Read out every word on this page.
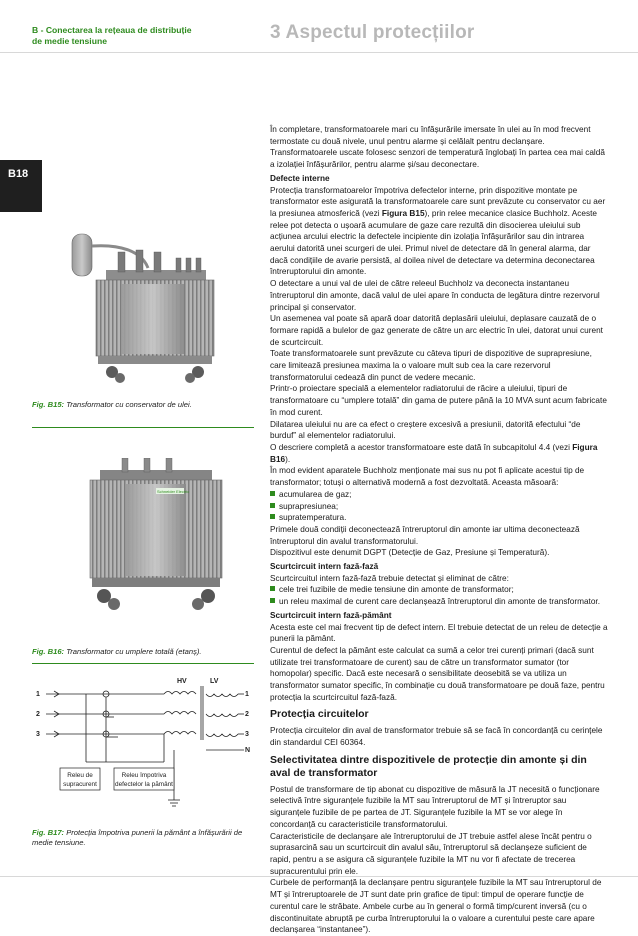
B - Conectarea la rețeaua de distribuție
de medie tensiune	3 Aspectul protecțiilor
B18
Fig. B15: Transformator cu conservator de ulei.
Schneider Electric
Fig. B16: Transformator cu umplere totală (etanș).
HV	LV
1
2
3
1
2
3
N
Releu de
supracurent
Releu împotriva
defectelor la pământ
Fig. B17: Protecția împotriva punerii la pământ a înfășurării de medie tensiune.

În completare, transformatoarele mari cu înfășurările imersate în ulei au în mod frecvent termostate cu două nivele, unul pentru alarme și celălalt pentru declanșare. Transformatoarele uscate folosesc senzori de temperatură înglobați în partea cea mai caldă a izolației înfășurărilor, pentru alarme și/sau deconectare.

Defecte interne

Protecția transformatoarelor împotriva defectelor interne, prin dispozitive montate pe transformator este asigurată la transformatoarele care sunt prevăzute cu conservator cu aer la presiunea atmosferică (vezi Figura B15), prin relee mecanice clasice Buchholz. Aceste relee pot detecta o ușoară acumulare de gaze care rezultă din disocierea uleiului sub acțiunea arcului electric la defectele incipiente din izolația înfășurărilor sau din intrarea aerului datorită unei scurgeri de ulei. Primul nivel de detectare dă în general alarma, dar dacă condițiile de avarie persistă, al doilea nivel de detectare va determina deconectarea întreruptorului din amonte.

O detectare a unui val de ulei de către releeul Buchholz va deconecta instantaneu întreruptorul din amonte, dacă valul de ulei apare în conducta de legătura dintre rezervorul principal și conservator.

Un asemenea val poate să apară doar datorită deplasării uleiului, deplasare cauzată de o formare rapidă a bulelor de gaz generate de către un arc electric în ulei, datorat unui curent de scurtcircuit.

Toate transformatoarele sunt prevăzute cu câteva tipuri de dispozitive de suprapresiune, care limitează presiunea maxima la o valoare mult sub cea la care rezervorul transformatorului cedează din punct de vedere mecanic.

Printr-o proiectare specială a elementelor radiatorului de răcire a uleiului, tipuri de transformatoare cu “umplere totală” din gama de putere până la 10 MVA sunt acum fabricate în mod curent.

Dilatarea uleiului nu are ca efect o creștere excesivă a presiunii, datorită efectului “de burduf” al elementelor radiatorului.

O descriere completă a acestor transformatoare este dată în subcapitolul 4.4 (vezi Figura B16).

În mod evident aparatele Buchholz menționate mai sus nu pot fi aplicate acestui tip de transformator; totuși o alternativă modernă a fost dezvoltată. Aceasta măsoară:

acumularea de gaz;

suprapresiunea;

supratemperatura.

Primele două condiții deconectează întreruptorul din amonte iar ultima deconectează întreruptorul din avalul transformatorului.

Dispozitivul este denumit DGPT (Detecție de Gaz, Presiune și Temperatură).

Scurtcircuit intern fază-fază

Scurtcircuitul intern fază-fază trebuie detectat și eliminat de către:

cele trei fuzibile de medie tensiune din amonte de transformator;

un releu maximal de curent care declanșează întreruptorul din amonte de transformator.

Scurtcircuit intern fază-pământ

Acesta este cel mai frecvent tip de defect intern. El trebuie detectat de un releu de detecție a punerii la pământ.

Curentul de defect la pământ este calculat ca sumă a celor trei curenți primari (dacă sunt utilizate trei transformatoare de curent) sau de către un transformator sumator (tor homopolar) specific. Dacă este necesară o sensibilitate deosebită se va utiliza un transformator sumator specific, în combinație cu două transformatoare pe două faze, pentru protecția la scurtcircuitul fază-fază.

Protecția circuitelor

Protecția circuitelor din aval de transformator trebuie să se facă în concordanță cu cerințele din standardul CEI 60364.

Selectivitatea dintre dispozitivele de protecție din amonte și din aval de transformator

Postul de transformare de tip abonat cu dispozitive de măsură la JT necesită o funcționare selectivă între siguranțele fuzibile la MT sau întreruptorul de MT și întreruptor sau siguranțele fuzibile de pe partea de JT. Siguranțele fuzibile la MT se vor alege în concordanță cu caracteristicile transformatorului.

Caracteristicile de declanșare ale întreruptorului de JT trebuie astfel alese încât pentru o suprasarcină sau un scurtcircuit din avalul său, întreruptorul să declanșeze suficient de rapid, pentru a se asigura că siguranțele fuzibile la MT nu vor fi afectate de trecerea supracurentului prin ele.

Curbele de performanță la declanșare pentru siguranțele fuzibile la MT sau întreruptorul de MT și întreruptoarele de JT sunt date prin grafice de tipul: timpul de operare funcție de curentul care le străbate. Ambele curbe au în general o formă timp/curent inversă (cu o discontinuitate abruptă pe curba întreruptorului la o valoare a curentului peste care apare declanșarea “instantanee”).
